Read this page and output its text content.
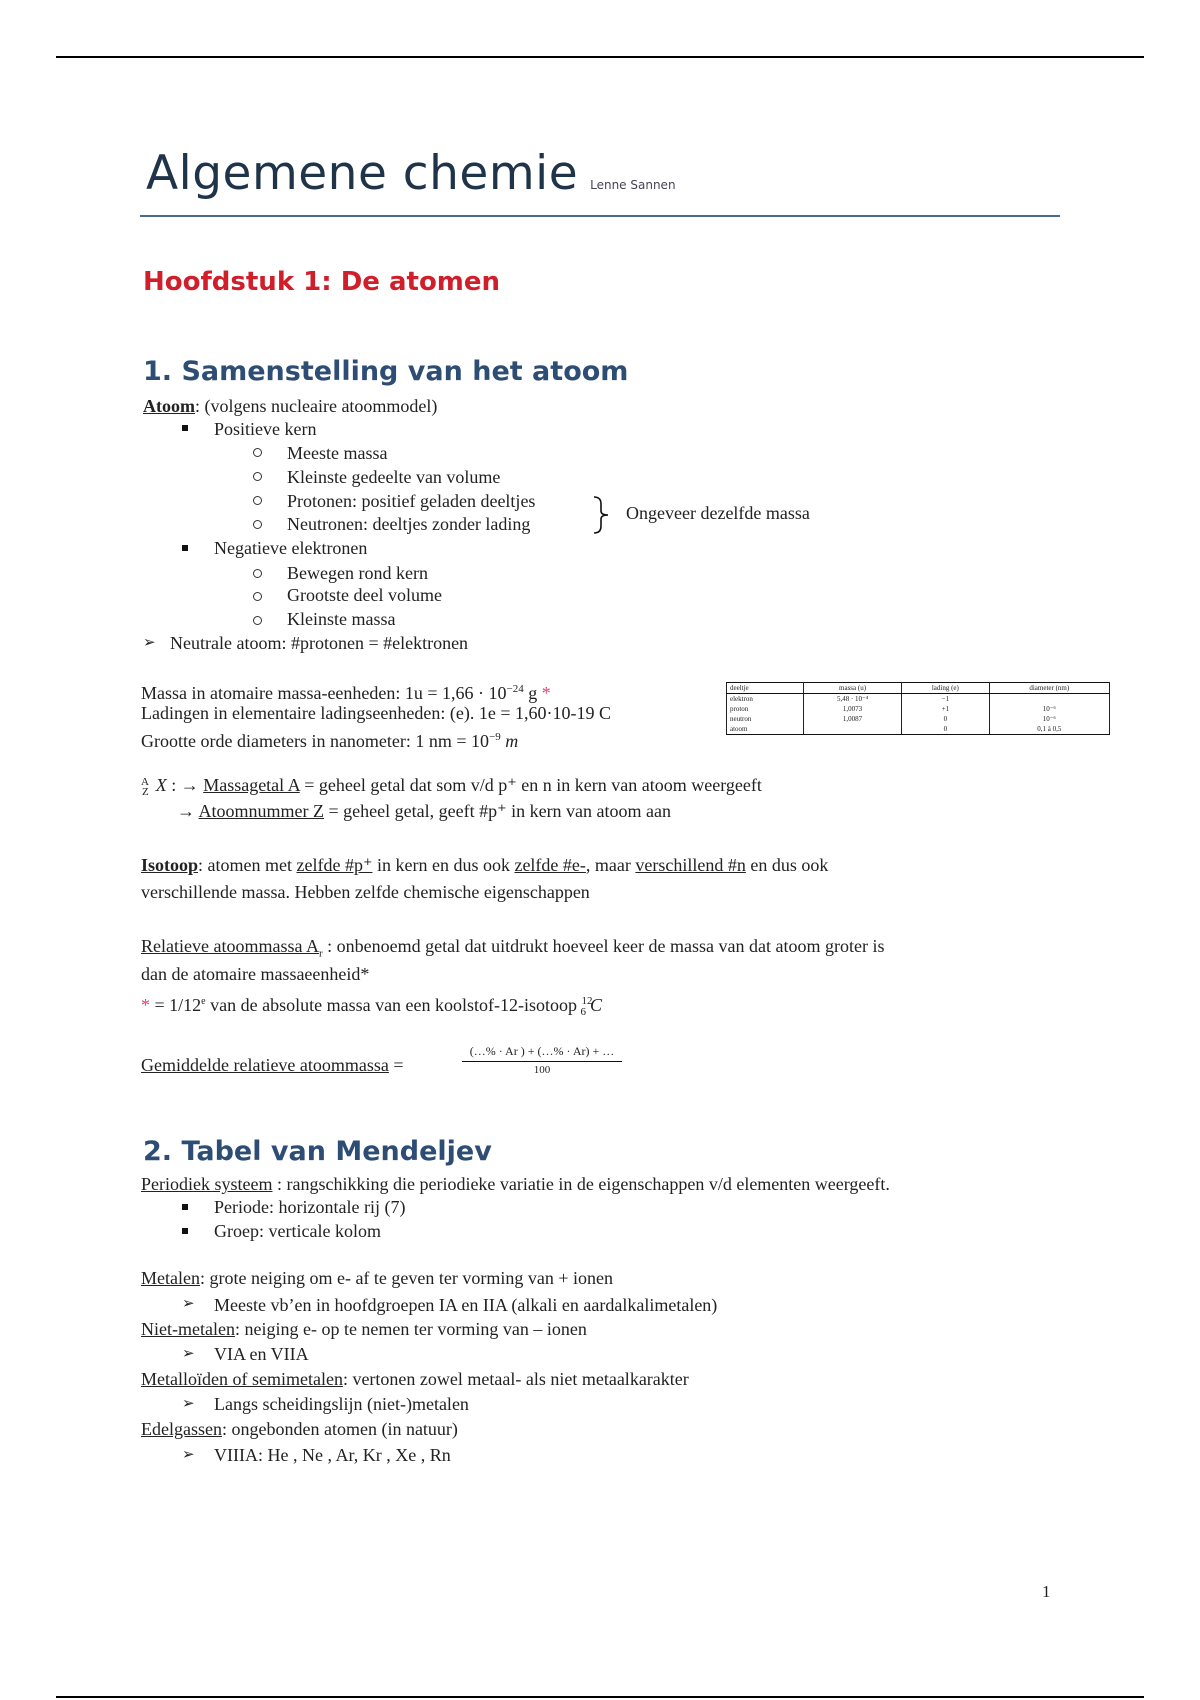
Algemene chemie Lenne Sannen
Hoofdstuk 1: De atomen
1. Samenstelling van het atoom
Atoom: (volgens nucleaire atoommodel)
Positieve kern
Meeste massa
Kleinste gedeelte van volume
Protonen: positief geladen deeltjes
Neutronen: deeltjes zonder lading
Ongeveer dezelfde massa
Negatieve elektronen
Bewegen rond kern
Grootste deel volume
Kleinste massa
➢ Neutrale atoom: #protonen = #elektronen
Massa in atomaire massa-eenheden: $1u = 1,66 \cdot 10^{-24}$ g *
Ladingen in elementaire ladingseenheden: (e). 1e = 1,60·10-19 C
Grootte orde diameters in nanometer: 1 nm = $10^{-9}$ m
deeltje	massa (u)	lading (e)	diameter (nm)
elektron	5,48 · 10⁻⁴	−1	
proton	1,0073	+1	10⁻⁶
neutron	1,0087	0	10⁻⁶
atoom		0	0,1 à 0,5
$^A_Z$ X : → Massagetal A = geheel getal dat som v/d p⁺ en n in kern van atoom weergeeft
→ Atoomnummer Z = geheel getal, geeft #p⁺ in kern van atoom aan
Isotoop: atomen met zelfde #p⁺ in kern en dus ook zelfde #e-, maar verschillend #n en dus ook
verschillende massa. Hebben zelfde chemische eigenschappen
Relatieve atoommassa $A_r$ : onbenoemd getal dat uitdrukt hoeveel keer de massa van dat atoom groter is
dan de atomaire massaeenheid*
* = $1/12^e$ van de absolute massa van een koolstof-12-isotoop $^{12}_6$ C
Gemiddelde relatieve atoommassa =	$\frac{(\dots\% \cdot Ar ) + (\dots\% \cdot Ar) + \dots}{100}$
2. Tabel van Mendeljev
Periodiek systeem : rangschikking die periodieke variatie in de eigenschappen v/d elementen weergeeft.
Periode: horizontale rij (7)
Groep: verticale kolom
Metalen: grote neiging om e- af te geven ter vorming van + ionen
➢ Meeste vb’en in hoofdgroepen IA en IIA (alkali en aardalkalimetalen)
Niet-metalen: neiging e- op te nemen ter vorming van – ionen
➢ VIA en VIIA
Metalloïden of semimetalen: vertonen zowel metaal- als niet metaalkarakter
➢ Langs scheidingslijn (niet-)metalen
Edelgassen: ongebonden atomen (in natuur)
➢ VIIIA: He , Ne , Ar, Kr , Xe , Rn
1
